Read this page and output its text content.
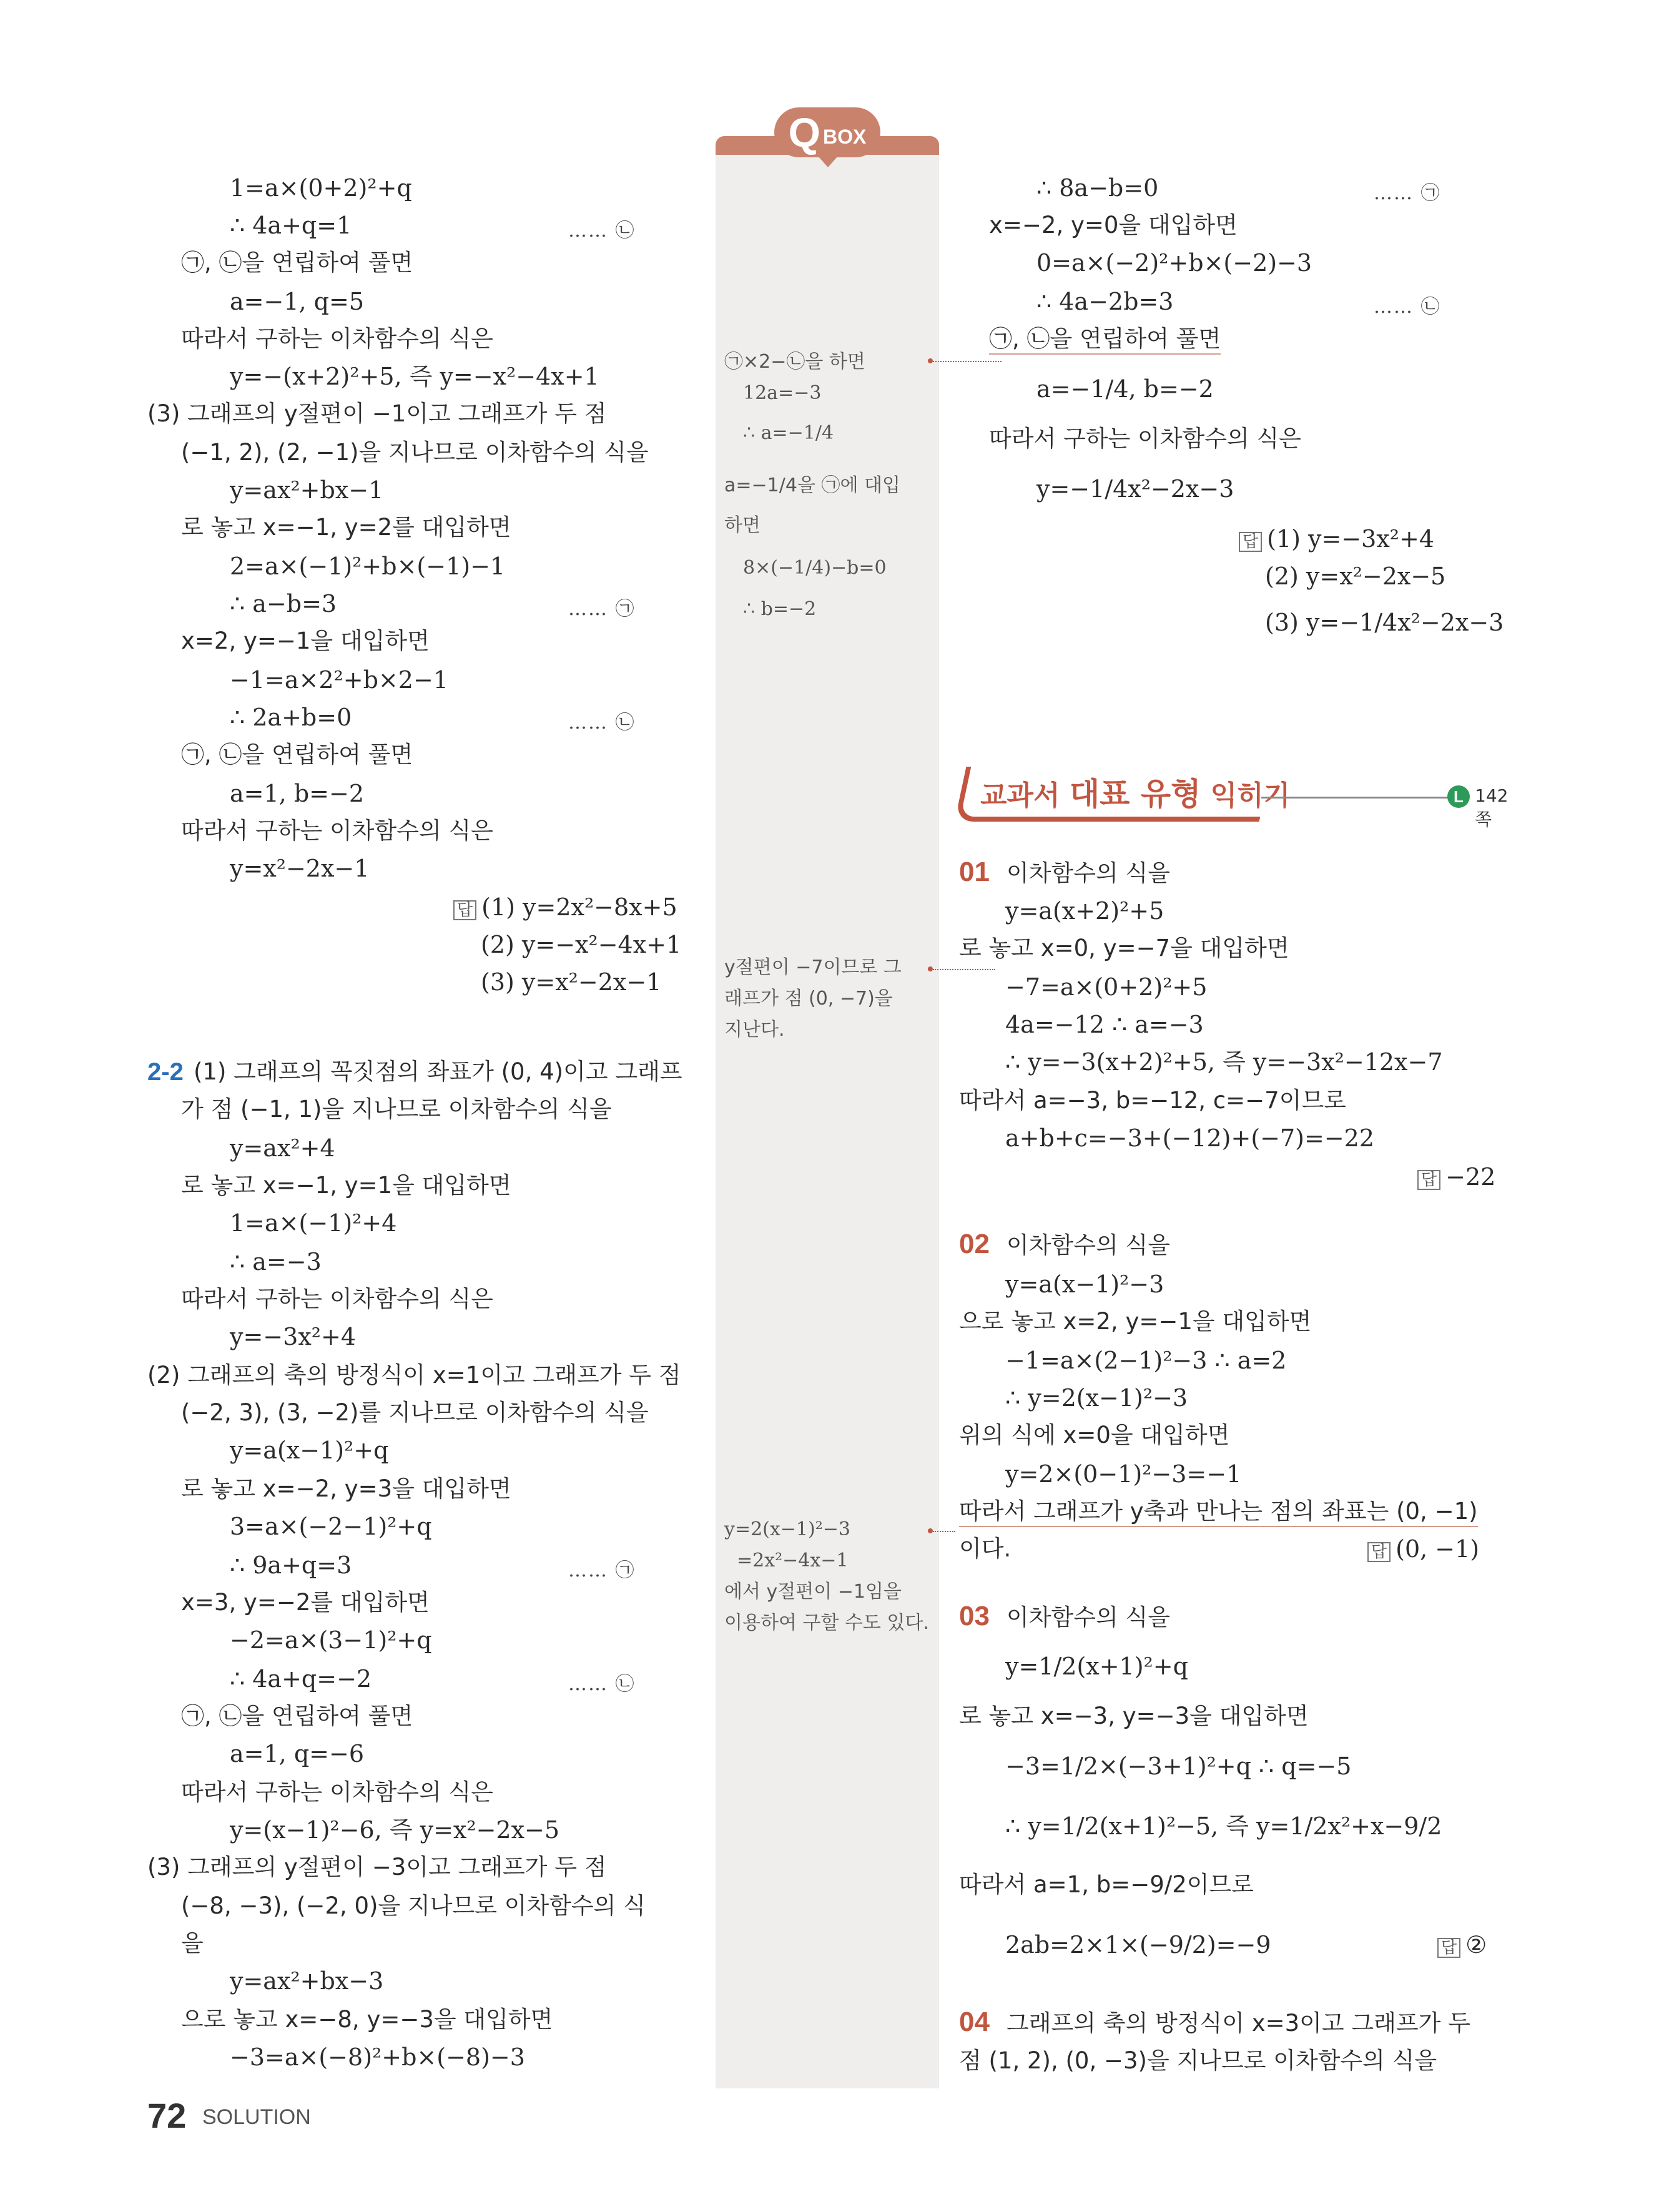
1=a×(0+2)²+q
∴ 4a+q=1	…… ㉡
㉠, ㉡을 연립하여 풀면
a=−1, q=5
따라서 구하는 이차함수의 식은
y=−(x+2)²+5, 즉 y=−x²−4x+1
(3) 그래프의 y절편이 −1이고 그래프가 두 점
(−1, 2), (2, −1)을 지나므로 이차함수의 식을
y=ax²+bx−1
로 놓고 x=−1, y=2를 대입하면
2=a×(−1)²+b×(−1)−1
∴ a−b=3	…… ㉠
x=2, y=−1을 대입하면
−1=a×2²+b×2−1
∴ 2a+b=0	…… ㉡
㉠, ㉡을 연립하여 풀면
a=1, b=−2
따라서 구하는 이차함수의 식은
y=x²−2x−1
답 (1) y=2x²−8x+5
(2) y=−x²−4x+1
(3) y=x²−2x−1
2-2 (1) 그래프의 꼭짓점의 좌표가 (0, 4)이고 그래프
가 점 (−1, 1)을 지나므로 이차함수의 식을
y=ax²+4
로 놓고 x=−1, y=1을 대입하면
1=a×(−1)²+4
∴ a=−3
따라서 구하는 이차함수의 식은
y=−3x²+4
(2) 그래프의 축의 방정식이 x=1이고 그래프가 두 점
(−2, 3), (3, −2)를 지나므로 이차함수의 식을
y=a(x−1)²+q
로 놓고 x=−2, y=3을 대입하면
3=a×(−2−1)²+q
∴ 9a+q=3	…… ㉠
x=3, y=−2를 대입하면
−2=a×(3−1)²+q
∴ 4a+q=−2	…… ㉡
㉠, ㉡을 연립하여 풀면
a=1, q=−6
따라서 구하는 이차함수의 식은
y=(x−1)²−6, 즉 y=x²−2x−5
(3) 그래프의 y절편이 −3이고 그래프가 두 점
(−8, −3), (−2, 0)을 지나므로 이차함수의 식
을
y=ax²+bx−3
으로 놓고 x=−8, y=−3을 대입하면
−3=a×(−8)²+b×(−8)−3
Q BOX
㉠×2−㉡을 하면
12a=−3
∴ a=−1/4
a=−1/4을 ㉠에 대입
하면
8×(−1/4)−b=0
∴ b=−2
y절편이 −7이므로 그
래프가 점 (0, −7)을
지난다.
y=2(x−1)²−3
=2x²−4x−1
에서 y절편이 −1임을
이용하여 구할 수도 있다.
∴ 8a−b=0	…… ㉠
x=−2, y=0을 대입하면
0=a×(−2)²+b×(−2)−3
∴ 4a−2b=3	…… ㉡
㉠, ㉡을 연립하여 풀면
a=−1/4, b=−2
따라서 구하는 이차함수의 식은
y=−1/4x²−2x−3
답 (1) y=−3x²+4
(2) y=x²−2x−5
(3) y=−1/4x²−2x−3
교과서 대표 유형 익히기	L 142쪽
01 이차함수의 식을
y=a(x+2)²+5
로 놓고 x=0, y=−7을 대입하면
−7=a×(0+2)²+5
4a=−12 ∴ a=−3
∴ y=−3(x+2)²+5, 즉 y=−3x²−12x−7
따라서 a=−3, b=−12, c=−7이므로
a+b+c=−3+(−12)+(−7)=−22
답 −22
02 이차함수의 식을
y=a(x−1)²−3
으로 놓고 x=2, y=−1을 대입하면
−1=a×(2−1)²−3 ∴ a=2
∴ y=2(x−1)²−3
위의 식에 x=0을 대입하면
y=2×(0−1)²−3=−1
따라서 그래프가 y축과 만나는 점의 좌표는 (0, −1)
이다.	답 (0, −1)
03 이차함수의 식을
y=1/2(x+1)²+q
로 놓고 x=−3, y=−3을 대입하면
−3=1/2×(−3+1)²+q ∴ q=−5
∴ y=1/2(x+1)²−5, 즉 y=1/2x²+x−9/2
따라서 a=1, b=−9/2이므로
2ab=2×1×(−9/2)=−9	답 ②
04 그래프의 축의 방정식이 x=3이고 그래프가 두
점 (1, 2), (0, −3)을 지나므로 이차함수의 식을
72 SOLUTION
